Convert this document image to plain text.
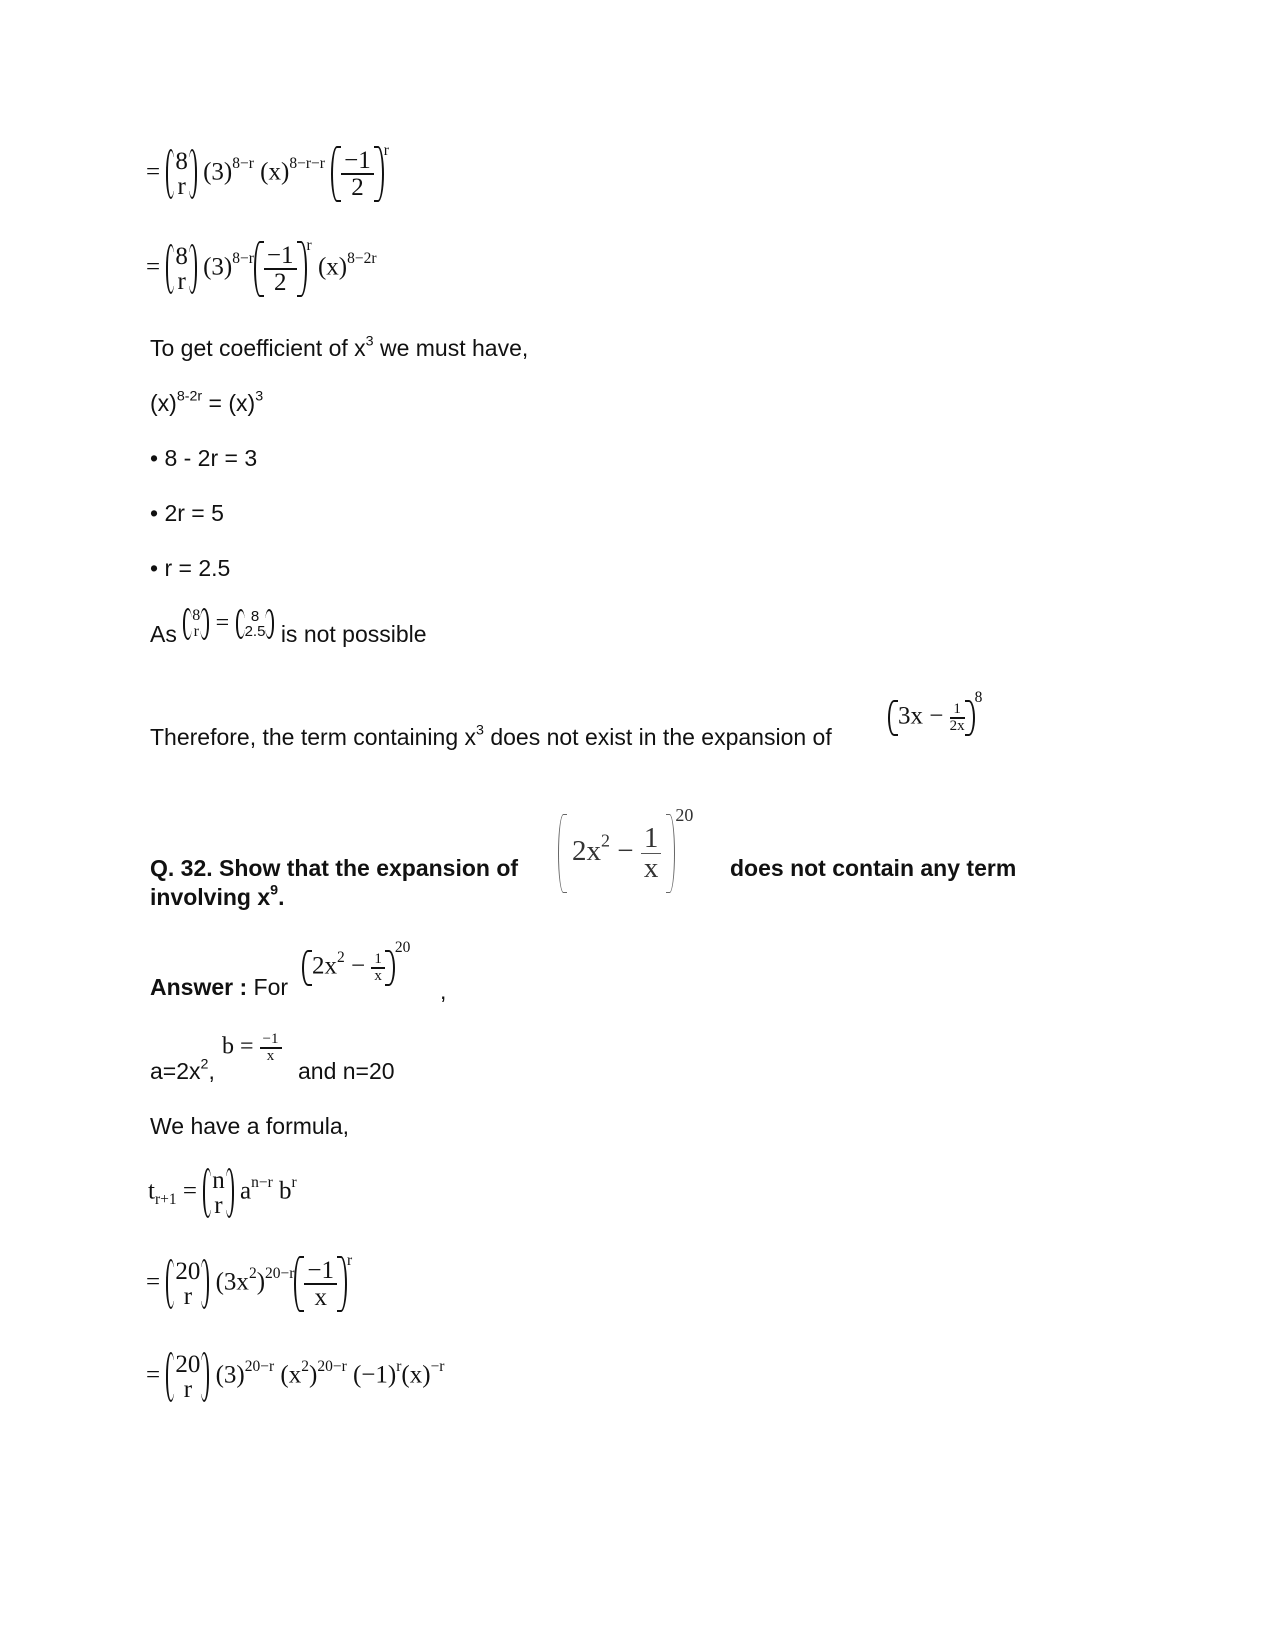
= 8
r
$(3)^{8-r}$ $(x)^{8-r-r} \frac{-1}{2} ^r$
= 8
r
$(3)^{8-r} \frac{-1}{2} ^r$ $(x)^{8-2r}$
To get coefficient of $x^3$ we must have,
$(x)^{8-2r} = (x)^3$
• 8 - 2r = 3
• 2r = 5
• r = 2.5
As
8
r =	8
2.5 is not possible
Therefore, the term containing $x^3$ does not exist in the expansion of
$3x - \frac{1}{2x}$
$^8$
Q. 32. Show that the expansion of
$2x^2 - \frac{1}{x}$
$^{20}$
does not contain any term
involving $x^9$.
Answer : For
$2x^2 - \frac{1}{x}$
$^{20}$
,
$a=2x^2$,
$b = \frac{-1}{x}$
and n=20
We have a formula,
$t_{r+1} = n$
r
$a^{n-r}$ $b^r$
= 20
r
$(3x^2)^{20-r} \frac{-1}{x} ^r$
= 20
r
$(3)^{20-r}$ $(x^2)^{20-r}$ $(-1)^r(x)^{-r}$
